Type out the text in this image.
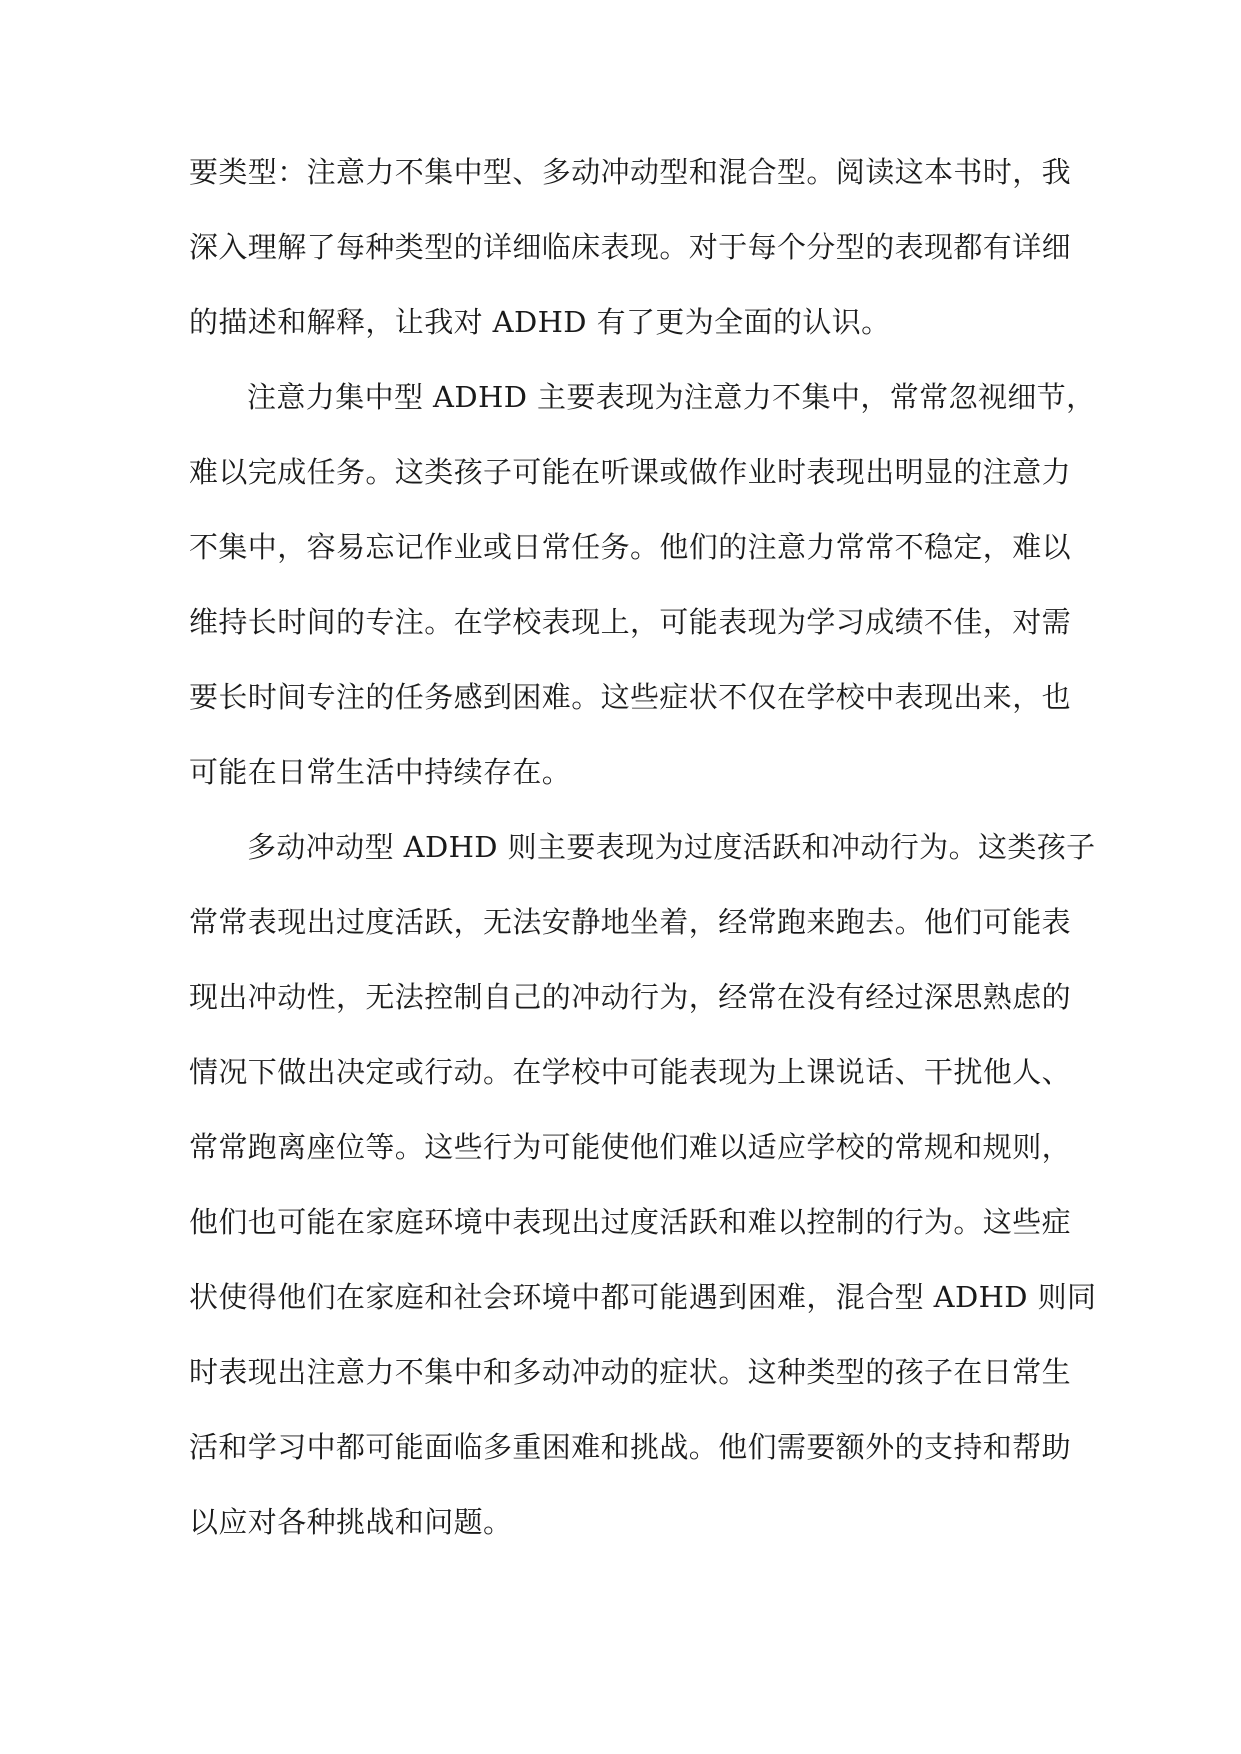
要类型：注意力不集中型、多动冲动型和混合型。阅读这本书时，我
深入理解了每种类型的详细临床表现。对于每个分型的表现都有详细
的描述和解释，让我对 ADHD 有了更为全面的认识。
注意力集中型 ADHD 主要表现为注意力不集中，常常忽视细节，
难以完成任务。这类孩子可能在听课或做作业时表现出明显的注意力
不集中，容易忘记作业或日常任务。他们的注意力常常不稳定，难以
维持长时间的专注。在学校表现上，可能表现为学习成绩不佳，对需
要长时间专注的任务感到困难。这些症状不仅在学校中表现出来，也
可能在日常生活中持续存在。
多动冲动型 ADHD 则主要表现为过度活跃和冲动行为。这类孩子
常常表现出过度活跃，无法安静地坐着，经常跑来跑去。他们可能表
现出冲动性，无法控制自己的冲动行为，经常在没有经过深思熟虑的
情况下做出决定或行动。在学校中可能表现为上课说话、干扰他人、
常常跑离座位等。这些行为可能使他们难以适应学校的常规和规则，
他们也可能在家庭环境中表现出过度活跃和难以控制的行为。这些症
状使得他们在家庭和社会环境中都可能遇到困难，混合型 ADHD 则同
时表现出注意力不集中和多动冲动的症状。这种类型的孩子在日常生
活和学习中都可能面临多重困难和挑战。他们需要额外的支持和帮助
以应对各种挑战和问题。
